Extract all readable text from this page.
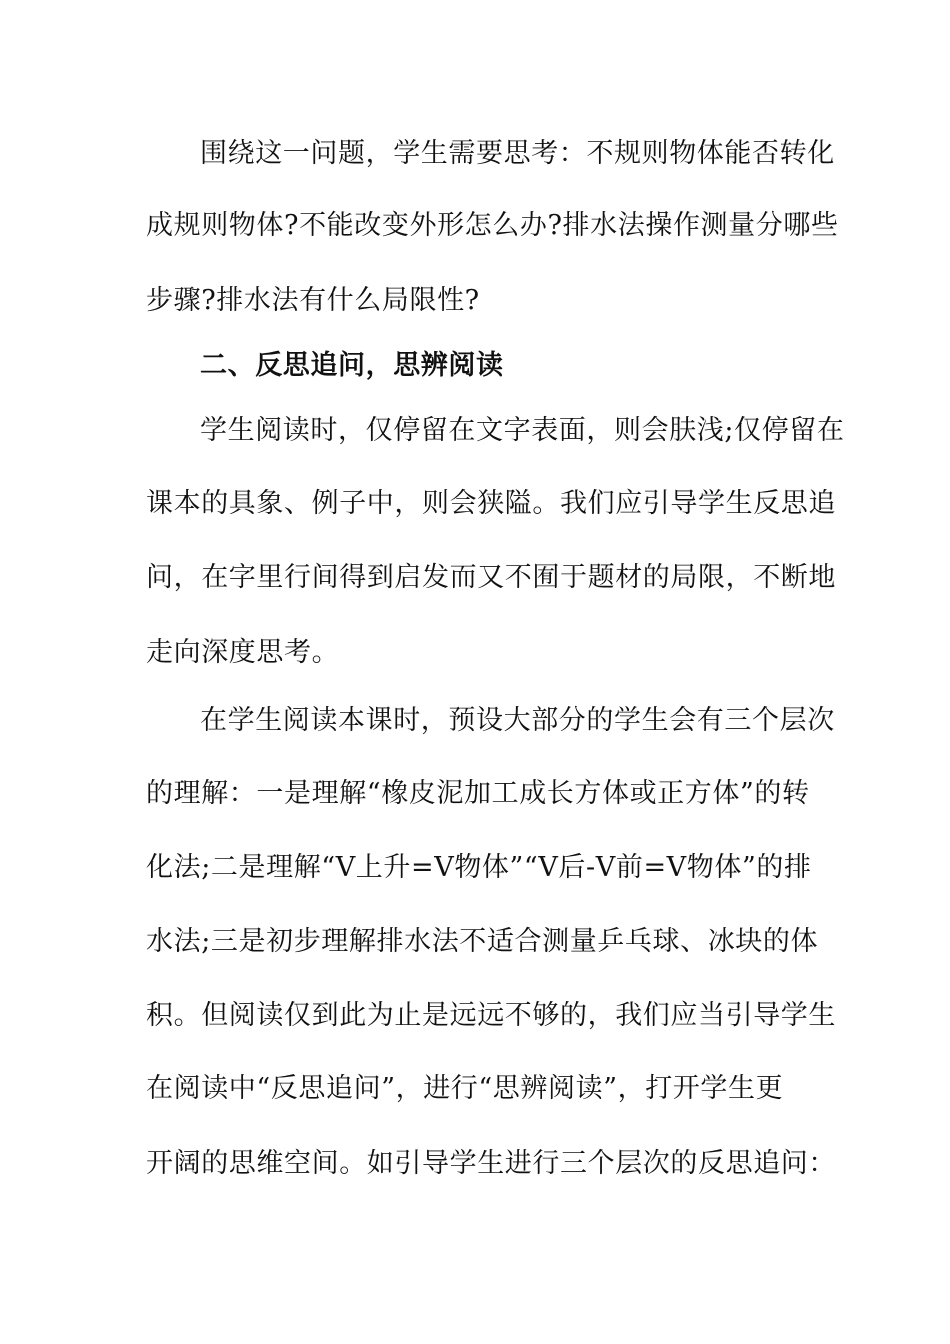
围绕这一问题，学生需要思考：不规则物体能否转化
成规则物体?不能改变外形怎么办?排水法操作测量分哪些
步骤?排水法有什么局限性?
二、反思追问，思辨阅读
学生阅读时，仅停留在文字表面，则会肤浅;仅停留在
课本的具象、例子中，则会狭隘。我们应引导学生反思追
问，在字里行间得到启发而又不囿于题材的局限，不断地
走向深度思考。
在学生阅读本课时，预设大部分的学生会有三个层次
的理解：一是理解“橡皮泥加工成长方体或正方体”的转
化法;二是理解“V上升=V物体”“V后-V前=V物体”的排
水法;三是初步理解排水法不适合测量乒乓球、冰块的体
积。但阅读仅到此为止是远远不够的，我们应当引导学生
在阅读中“反思追问”，进行“思辨阅读”，打开学生更
开阔的思维空间。如引导学生进行三个层次的反思追问：
